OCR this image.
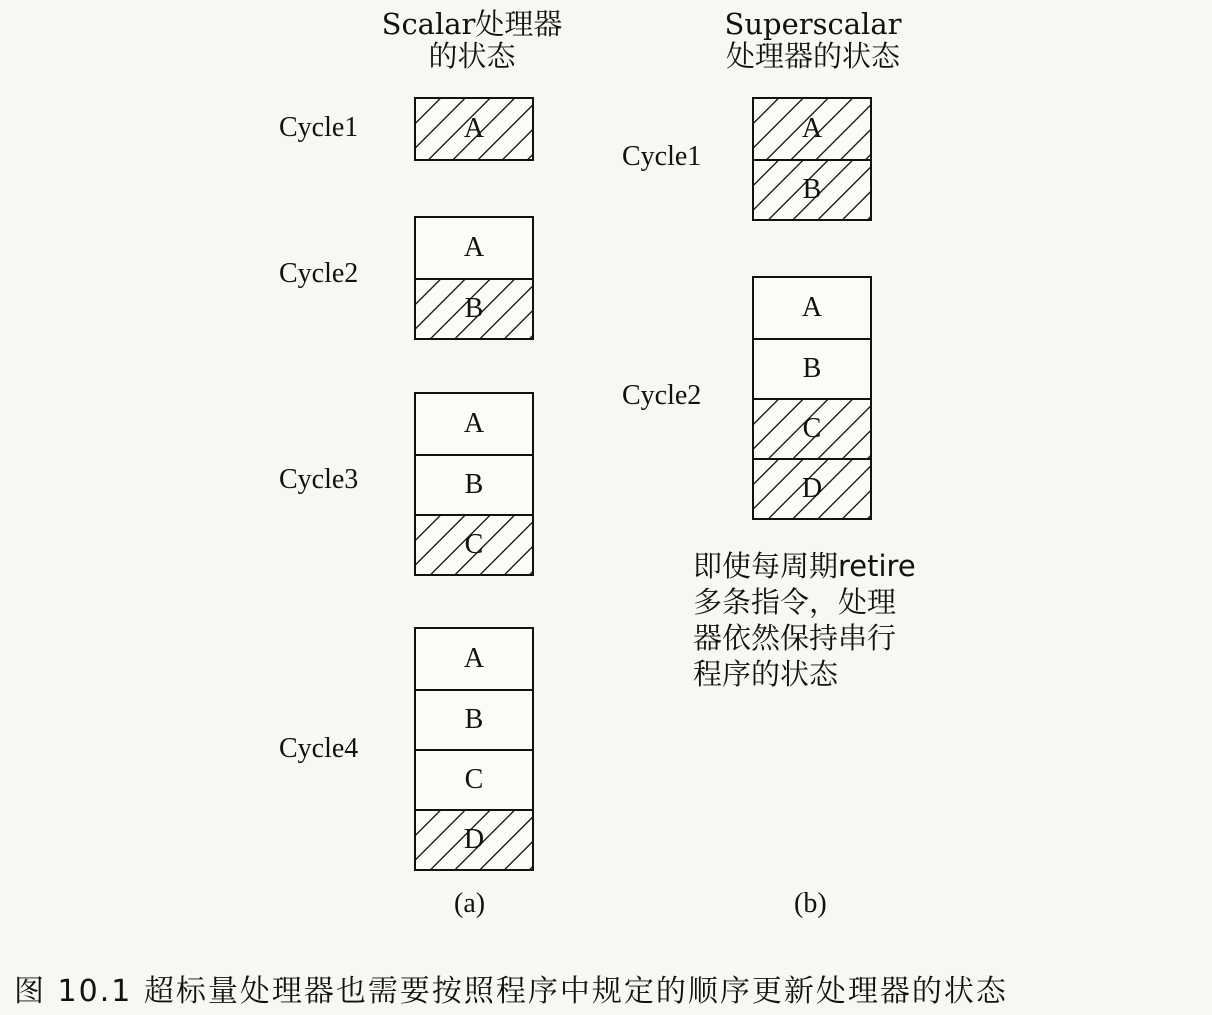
Scalar处理器
的状态
Superscalar
处理器的状态
Cycle1	A
Cycle2
A
B
Cycle3
A
B
C
Cycle4
A
B
C
D
(a)
Cycle1
A
B
Cycle2
A
B
C
D
即使每周期retire
多条指令，处理
器依然保持串行
程序的状态
(b)
图 10.1 超标量处理器也需要按照程序中规定的顺序更新处理器的状态
